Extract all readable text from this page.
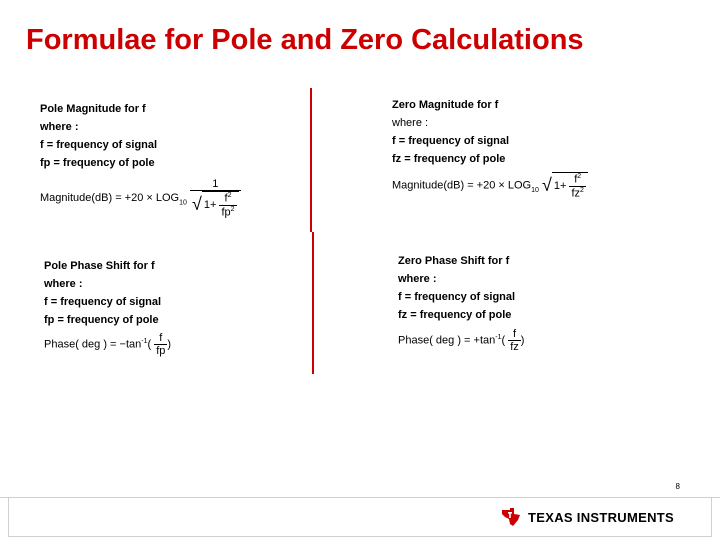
Formulae for Pole and Zero Calculations
Pole Magnitude for f
where :
f = frequency of signal
fp = frequency of pole
Magnitude(dB) = $+20 \times LOG_{10} \frac{1}{√ 1+ \frac{f^2}{fp^2}}$
Zero Magnitude for f
where :
f = frequency of signal
fz = frequency of pole
Magnitude(dB) = $+20 \times LOG_{10}$ √ $1+ \frac{f^2}{fz^2}$
Pole Phase Shift for f
where :
f = frequency of signal
fp = frequency of pole
Phase( deg ) = $-\tan^{-1}( \frac{f}{fp}$ )
Zero Phase Shift for f
where :
f = frequency of signal
fz = frequency of pole
Phase( deg ) = $+\tan^{-1}( \frac{f}{fz}$ )
8
TEXAS INSTRUMENTS
